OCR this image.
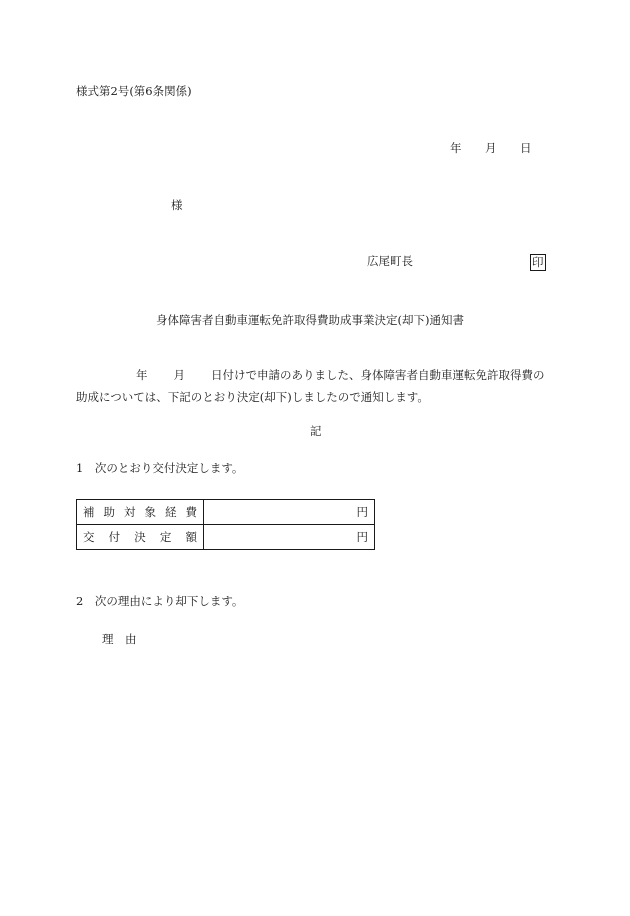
様式第2号(第6条関係)
年 月 日
様
広尾町長	印
身体障害者自動車運転免許取得費助成事業決定(却下)通知書
年 月 日付けで申請のありました、身体障害者自動車運転免許取得費の
助成については、下記のとおり決定(却下)しましたので通知します。
記
1　次のとおり交付決定します。
補助対象経費	円
交付決定額	円
2　次の理由により却下します。
理　由
